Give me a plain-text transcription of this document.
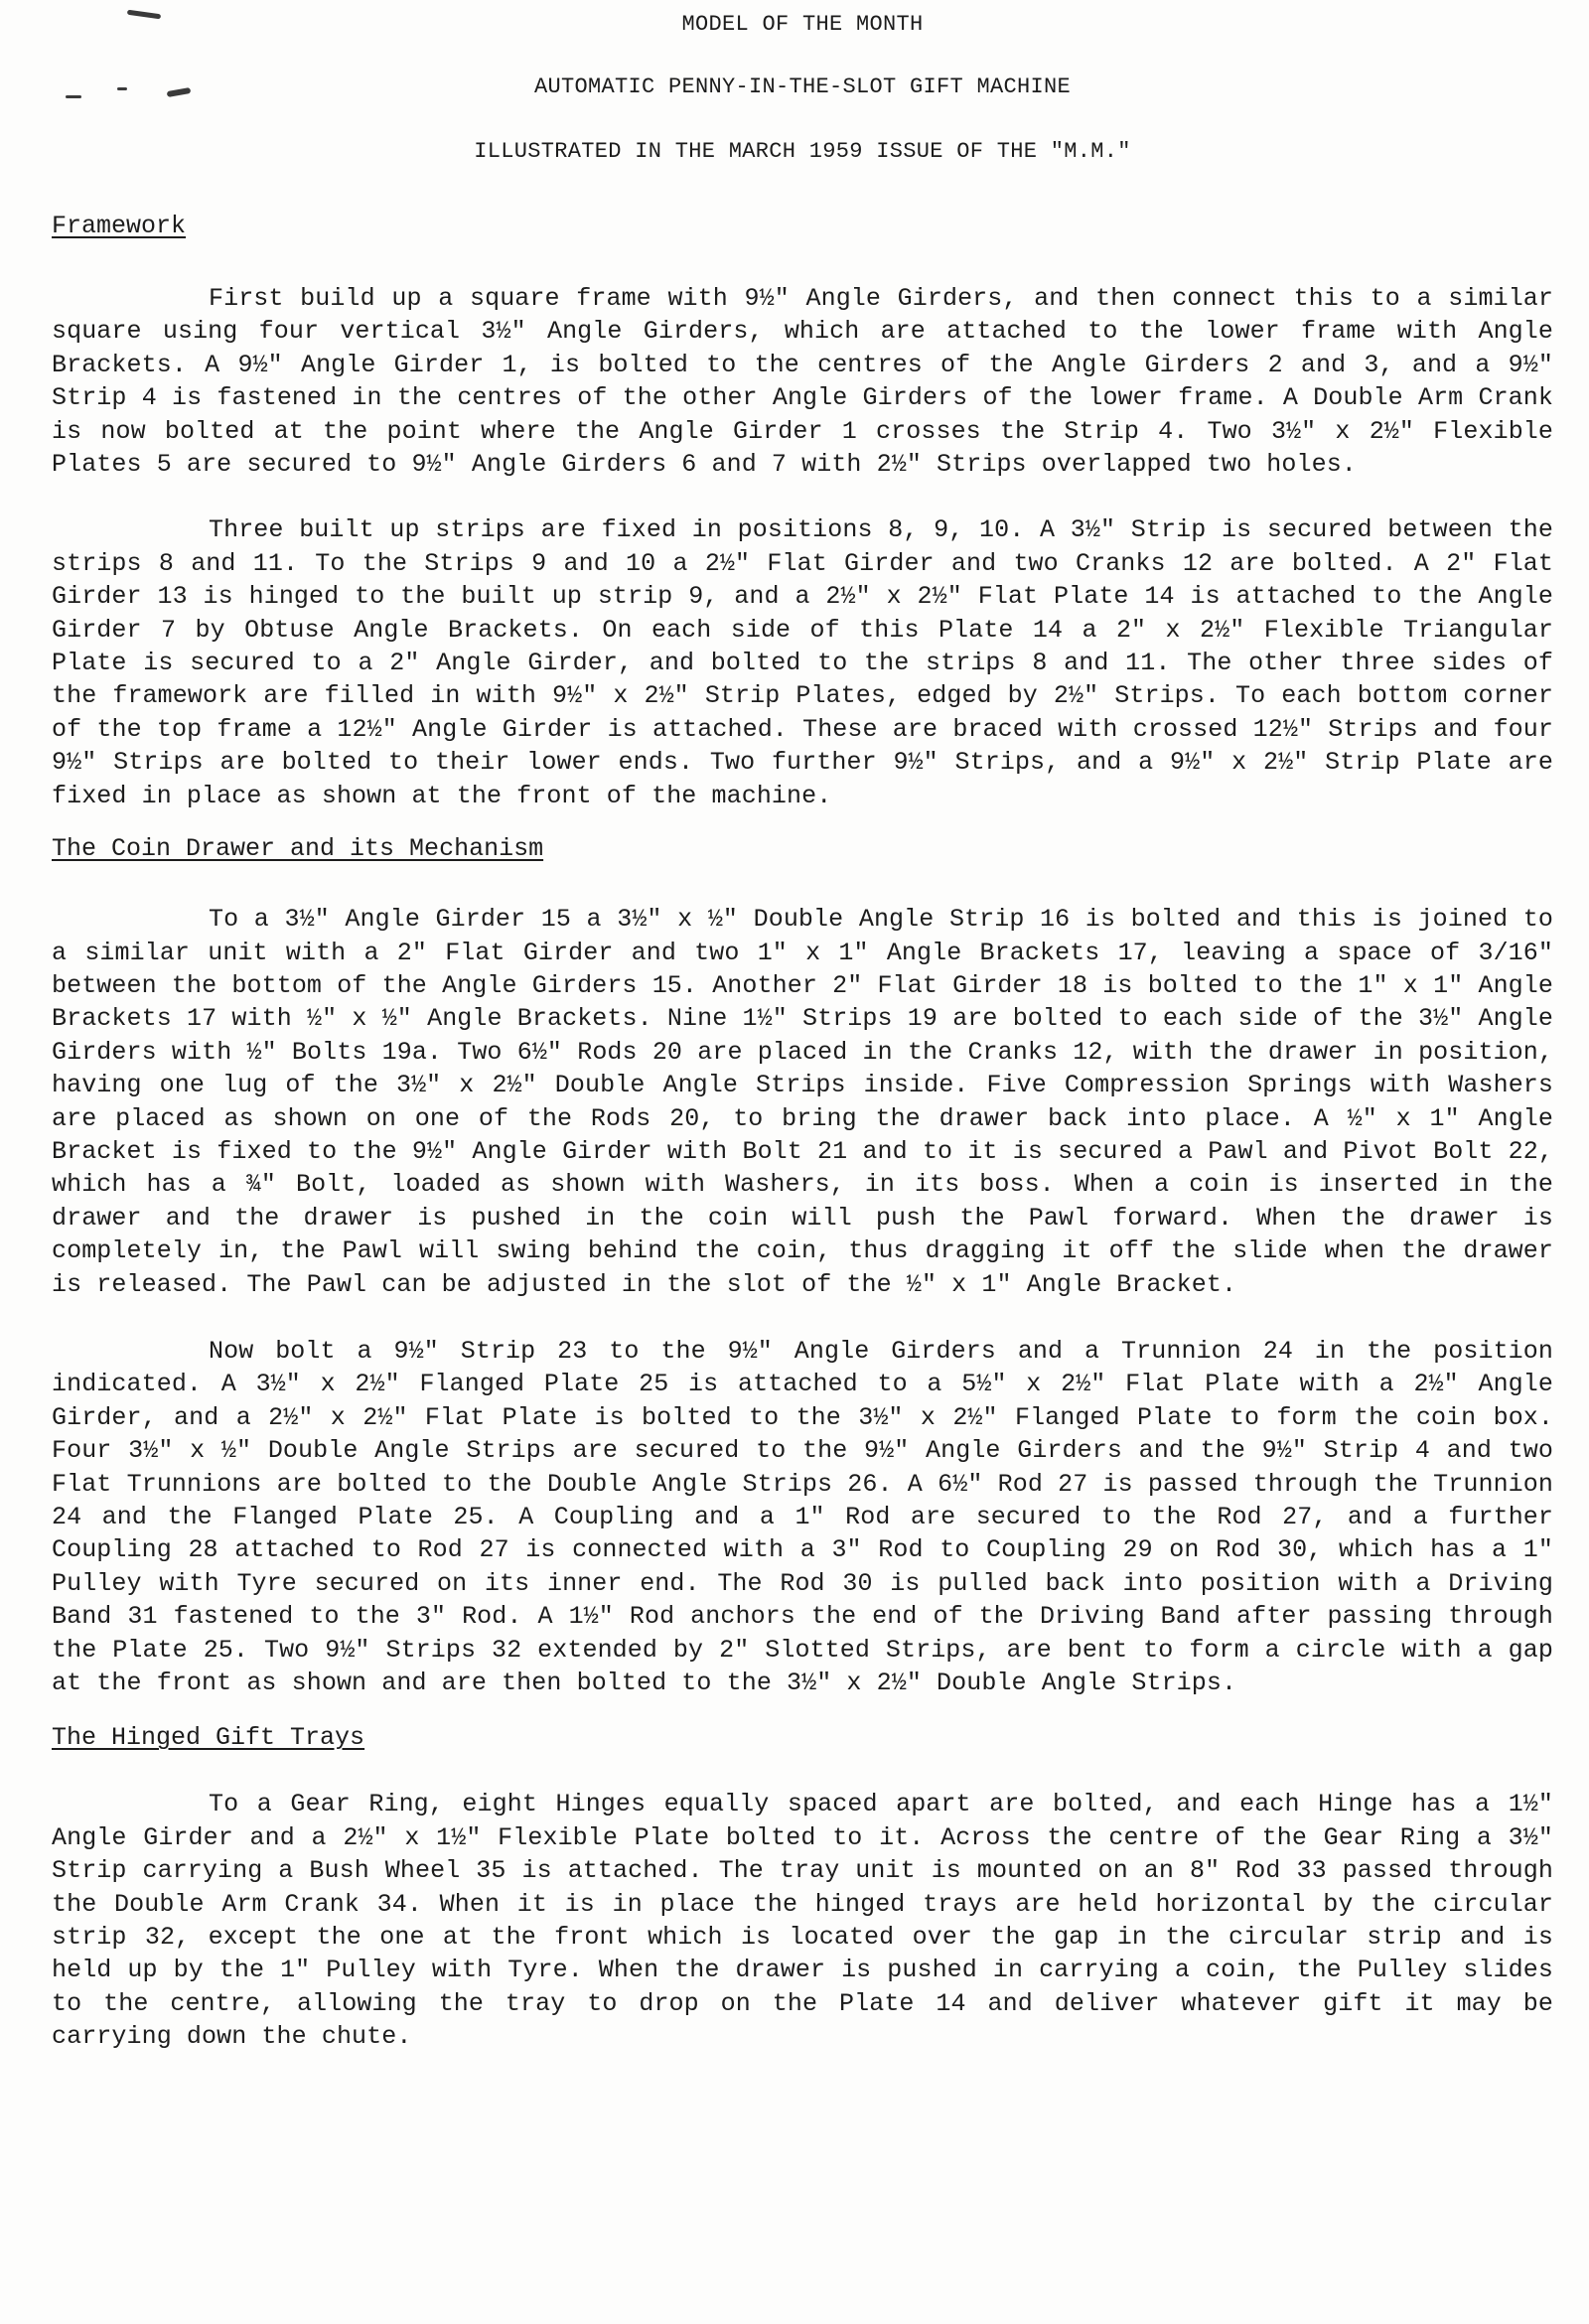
MODEL OF THE MONTH

AUTOMATIC PENNY-IN-THE-SLOT GIFT MACHINE

ILLUSTRATED IN THE MARCH 1959 ISSUE OF THE "M.M."

Framework

First build up a square frame with 9½" Angle Girders, and then connect this to a similar square using four vertical 3½" Angle Girders, which are attached to the lower frame with Angle Brackets. A 9½" Angle Girder 1, is bolted to the centres of the Angle Girders 2 and 3, and a 9½" Strip 4 is fastened in the centres of the other Angle Girders of the lower frame. A Double Arm Crank is now bolted at the point where the Angle Girder 1 crosses the Strip 4. Two 3½" x 2½" Flexible Plates 5 are secured to 9½" Angle Girders 6 and 7 with 2½" Strips overlapped two holes.

Three built up strips are fixed in positions 8, 9, 10. A 3½" Strip is secured between the strips 8 and 11. To the Strips 9 and 10 a 2½" Flat Girder and two Cranks 12 are bolted. A 2" Flat Girder 13 is hinged to the built up strip 9, and a 2½" x 2½" Flat Plate 14 is attached to the Angle Girder 7 by Obtuse Angle Brackets. On each side of this Plate 14 a 2" x 2½" Flexible Triangular Plate is secured to a 2" Angle Girder, and bolted to the strips 8 and 11. The other three sides of the framework are filled in with 9½" x 2½" Strip Plates, edged by 2½" Strips. To each bottom corner of the top frame a 12½" Angle Girder is attached. These are braced with crossed 12½" Strips and four 9½" Strips are bolted to their lower ends. Two further 9½" Strips, and a 9½" x 2½" Strip Plate are fixed in place as shown at the front of the machine.

The Coin Drawer and its Mechanism

To a 3½" Angle Girder 15 a 3½" x ½" Double Angle Strip 16 is bolted and this is joined to a similar unit with a 2" Flat Girder and two 1" x 1" Angle Brackets 17, leaving a space of 3/16" between the bottom of the Angle Girders 15. Another 2" Flat Girder 18 is bolted to the 1" x 1" Angle Brackets 17 with ½" x ½" Angle Brackets. Nine 1½" Strips 19 are bolted to each side of the 3½" Angle Girders with ½" Bolts 19a. Two 6½" Rods 20 are placed in the Cranks 12, with the drawer in position, having one lug of the 3½" x 2½" Double Angle Strips inside. Five Compression Springs with Washers are placed as shown on one of the Rods 20, to bring the drawer back into place. A ½" x 1" Angle Bracket is fixed to the 9½" Angle Girder with Bolt 21 and to it is secured a Pawl and Pivot Bolt 22, which has a ¾" Bolt, loaded as shown with Washers, in its boss. When a coin is inserted in the drawer and the drawer is pushed in the coin will push the Pawl forward. When the drawer is completely in, the Pawl will swing behind the coin, thus dragging it off the slide when the drawer is released. The Pawl can be adjusted in the slot of the ½" x 1" Angle Bracket.

Now bolt a 9½" Strip 23 to the 9½" Angle Girders and a Trunnion 24 in the position indicated. A 3½" x 2½" Flanged Plate 25 is attached to a 5½" x 2½" Flat Plate with a 2½" Angle Girder, and a 2½" x 2½" Flat Plate is bolted to the 3½" x 2½" Flanged Plate to form the coin box. Four 3½" x ½" Double Angle Strips are secured to the 9½" Angle Girders and the 9½" Strip 4 and two Flat Trunnions are bolted to the Double Angle Strips 26. A 6½" Rod 27 is passed through the Trunnion 24 and the Flanged Plate 25. A Coupling and a 1" Rod are secured to the Rod 27, and a further Coupling 28 attached to Rod 27 is connected with a 3" Rod to Coupling 29 on Rod 30, which has a 1" Pulley with Tyre secured on its inner end. The Rod 30 is pulled back into position with a Driving Band 31 fastened to the 3" Rod. A 1½" Rod anchors the end of the Driving Band after passing through the Plate 25. Two 9½" Strips 32 extended by 2" Slotted Strips, are bent to form a circle with a gap at the front as shown and are then bolted to the 3½" x 2½" Double Angle Strips.

The Hinged Gift Trays

To a Gear Ring, eight Hinges equally spaced apart are bolted, and each Hinge has a 1½" Angle Girder and a 2½" x 1½" Flexible Plate bolted to it. Across the centre of the Gear Ring a 3½" Strip carrying a Bush Wheel 35 is attached. The tray unit is mounted on an 8" Rod 33 passed through the Double Arm Crank 34. When it is in place the hinged trays are held horizontal by the circular strip 32, except the one at the front which is located over the gap in the circular strip and is held up by the 1" Pulley with Tyre. When the drawer is pushed in carrying a coin, the Pulley slides to the centre, allowing the tray to drop on the Plate 14 and deliver whatever gift it may be carrying down the chute.
